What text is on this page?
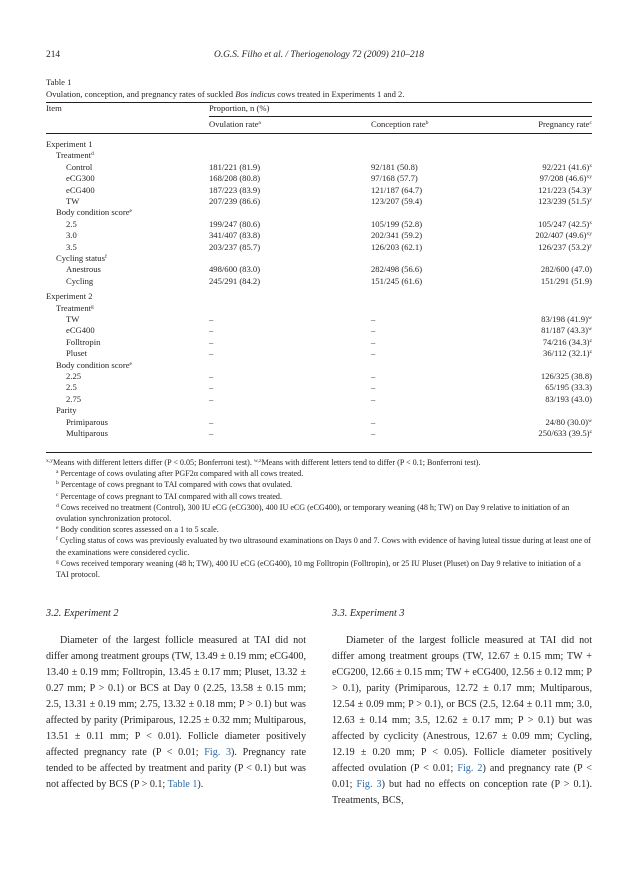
214	O.G.S. Filho et al. / Theriogenology 72 (2009) 210–218
Table 1
Ovulation, conception, and pregnancy rates of suckled Bos indicus cows treated in Experiments 1 and 2.
Item	Proportion, n (%)
Ovulation rate$^a$	Conception rate$^b$	Pregnancy rate$^c$
Experiment 1
Treatment$^d$
Control	181/221 (81.9)	92/181 (50.8)	92/221 $(41.6)^x$
eCG300	168/208 (80.8)	97/168 (57.7)	97/208 $(46.6)^{xy}$
eCG400	187/223 (83.9)	121/187 (64.7)	121/223 $(54.3)^y$
TW	207/239 (86.6)	123/207 (59.4)	123/239 $(51.5)^y$
Body condition score$^e$
2.5	199/247 (80.6)	105/199 (52.8)	105/247 $(42.5)^x$
3.0	341/407 (83.8)	202/341 (59.2)	202/407 $(49.6)^{xy}$
3.5	203/237 (85.7)	126/203 (62.1)	126/237 $(53.2)^y$
Cycling status$^f$
Anestrous	498/600 (83.0)	282/498 (56.6)	282/600 (47.0)
Cycling	245/291 (84.2)	151/245 (61.6)	151/291 (51.9)
Experiment 2
Treatment$^g$
TW	–	–	83/198 $(41.9)^w$
eCG400	–	–	81/187 $(43.3)^w$
Folltropin	–	–	74/216 $(34.3)^z$
Pluset	–	–	36/112 $(32.1)^z$
Body condition score$^e$
2.25	–	–	126/325 (38.8)
2.5	–	–	65/195 (33.3)
2.75	–	–	83/193 (43.0)
Parity
Primiparous	–	–	24/80 $(30.0)^w$
Multiparous	–	–	250/633 $(39.5)^z$

$^{x,y}$Means with different letters differ (P < 0.05; Bonferroni test). $^{w,z}$Means with different letters tend to differ (P < 0.1; Bonferroni test).

$^a$ Percentage of cows ovulating after PGF2α compared with all cows treated.

$^b$ Percentage of cows pregnant to TAI compared with cows that ovulated.

$^c$ Percentage of cows pregnant to TAI compared with all cows treated.

$^d$ Cows received no treatment (Control), 300 IU eCG (eCG300), 400 IU eCG (eCG400), or temporary weaning (48 h; TW) on Day 9 relative to initiation of an ovulation synchronization protocol.

$^e$ Body condition scores assessed on a 1 to 5 scale.

$^f$ Cycling status of cows was previously evaluated by two ultrasound examinations on Days 0 and 7. Cows with evidence of having luteal tissue during at least one of the examinations were considered cyclic.

$^g$ Cows received temporary weaning (48 h; TW), 400 IU eCG (eCG400), 10 mg Folltropin (Folltropin), or 25 IU Pluset (Pluset) on Day 9 relative to initiation of a TAI protocol.

3.2. Experiment 2

Diameter of the largest follicle measured at TAI did not differ among treatment groups (TW, 13.49 ± 0.19 mm; eCG400, 13.40 ± 0.19 mm; Folltropin, 13.45 ± 0.17 mm; Pluset, 13.32 ± 0.27 mm; P > 0.1) or BCS at Day 0 (2.25, 13.58 ± 0.15 mm; 2.5, 13.31 ± 0.19 mm; 2.75, 13.32 ± 0.18 mm; P > 0.1) but was affected by parity (Primiparous, 12.25 ± 0.32 mm; Multiparous, 13.51 ± 0.11 mm; P < 0.01). Follicle diameter positively affected pregnancy rate (P < 0.01; Fig. 3). Pregnancy rate tended to be affected by treatment and parity (P < 0.1) but was not affected by BCS (P > 0.1; Table 1).

3.3. Experiment 3

Diameter of the largest follicle measured at TAI did not differ among treatment groups (TW, 12.67 ± 0.15 mm; TW + eCG200, 12.66 ± 0.15 mm; TW + eCG400, 12.56 ± 0.12 mm; P > 0.1), parity (Primiparous, 12.72 ± 0.17 mm; Multiparous, 12.54 ± 0.09 mm; P > 0.1), or BCS (2.5, 12.64 ± 0.11 mm; 3.0, 12.63 ± 0.14 mm; 3.5, 12.62 ± 0.17 mm; P > 0.1) but was affected by cyclicity (Anestrous, 12.67 ± 0.09 mm; Cycling, 12.19 ± 0.20 mm; P < 0.05). Follicle diameter positively affected ovulation (P < 0.01; Fig. 2) and pregnancy rate (P < 0.01; Fig. 3) but had no effects on conception rate (P > 0.1). Treatments, BCS,
